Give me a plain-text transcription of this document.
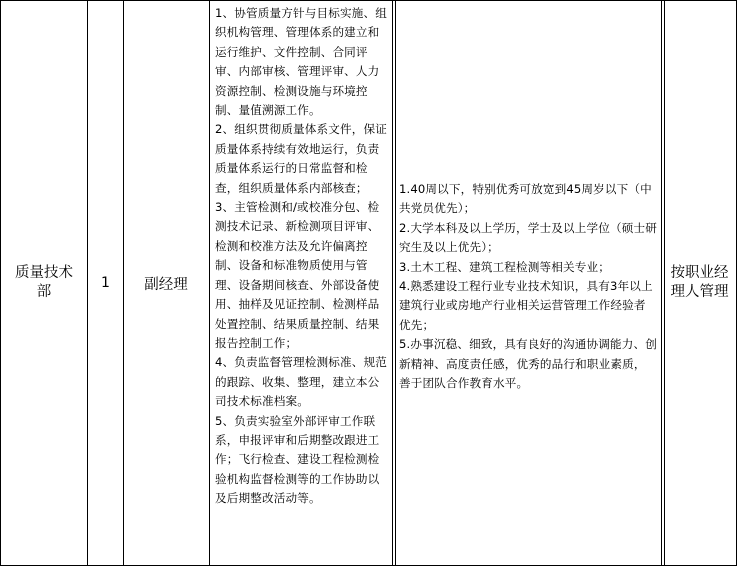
质量技术部
1 副经理

1、协管质量方针与目标实施、组织机构管理、管理体系的建立和运行维护、文件控制、合同评审、内部审核、管理评审、人力资源控制、检测设施与环境控制、量值溯源工作。

2、组织贯彻质量体系文件，保证质量体系持续有效地运行，负责质量体系运行的日常监督和检查，组织质量体系内部核查；

3、主管检测和/或校准分包、检测技术记录、新检测项目评审、检测和校准方法及允许偏离控制、设备和标准物质使用与管理、设备期间核查、外部设备使用、抽样及见证控制、检测样品处置控制、结果质量控制、结果报告控制工作；

4、负责监督管理检测标准、规范的跟踪、收集、整理，建立本公司技术标准档案。

5、负责实验室外部评审工作联系，申报评审和后期整改跟进工作；飞行检查、建设工程检测检验机构监督检测等的工作协助以及后期整改活动等。

1.40周以下，特别优秀可放宽到45周岁以下（中共党员优先）；

2.大学本科及以上学历，学士及以上学位（硕士研究生及以上优先）；

3.土木工程、建筑工程检测等相关专业；

4.熟悉建设工程行业专业技术知识，具有3年以上建筑行业或房地产行业相关运营管理工作经验者优先；

5.办事沉稳、细致，具有良好的沟通协调能力、创新精神、高度责任感，优秀的品行和职业素质，善于团队合作教育水平。

按职业经理人管理
